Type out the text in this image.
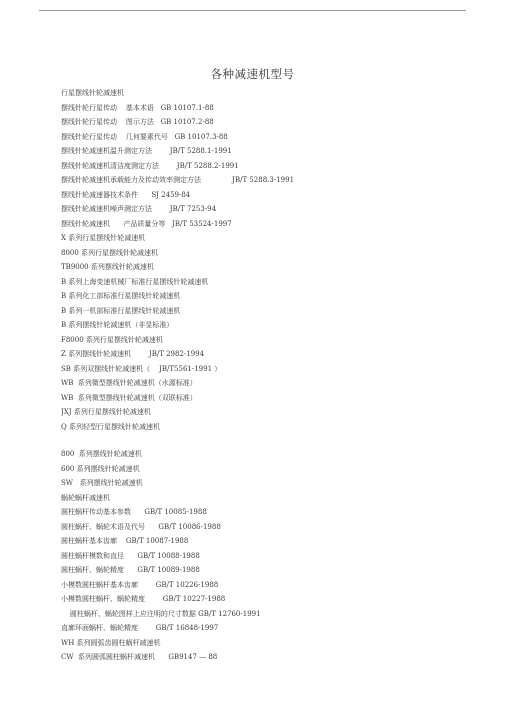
各种减速机型号
行星摆线针轮减速机
摆线针轮行星传动    基本术语   GB 10107.1-88
摆线针轮行星传动    图示方法   GB 10107.2-88
摆线针轮行星传动    几何要素代号   GB 10107.3-88
摆线针轮减速机温升测定方法        JB/T 5288.1-1991
摆线针轮减速机清洁度测定方法        JB/T 5288.2-1991
摆线针轮减速机承载能力及传动效率测定方法              JB/T 5288.3-1991
摆线针轮减速器技术条件      SJ 2459-84
摆线针轮减速机噪声测定方法        JB/T 7253-94
摆线针轮减速机      产品质量分等   JB/T 53524-1997
X 系列行星摆线针轮减速机
8000 系列行星摆线针轮减速机
TB9000 系列摆线针轮减速机
B 系列上海变速机械厂标准行星摆线针轮减速机
B 系列化工部标准行星摆线针轮减速机
B 系列一机部标准行星摆线针轮减速机
B 系列摆线针轮减速机（非显标准）
F8000 系列行星摆线针轮减速机
Z 系列摆线针轮减速机        JB/T 2982-1994
SB 系列双摆线针轮减速机（    JB/T5561-1991 ）
WB  系列微型摆线针轮减速机（水源标准）
WB  系列微型摆线针轮减速机（双联标准）
JXJ 系列行星摆线针轮减速机
Q 系列轻型行星摆线针轮减速机
800  系列摆线针轮减速机
600 系列摆线针轮减速机
SW   系列摆线针轮减速机
蜗轮蜗杆减速机
圆柱蜗杆传动基本参数      GB/T 10085-1988
圆柱蜗杆、蜗轮术语及代号      GB/T 10086-1988
圆柱蜗杆基本齿廓    GB/T 10087-1988
圆柱蜗杆模数和直径      GB/T 10088-1988
圆柱蜗杆、蜗轮精度      GB/T 10089-1988
小模数圆柱蜗杆基本齿廓        GB/T 10226-1988
小模数圆柱蜗杆、蜗轮精度        GB/T 10227-1988
圆柱蜗杆、蜗轮图样上应注明的尺寸数据 GB/T 12760-1991
直廓环面蜗杆、蜗轮精度        GB/T 16848-1997
WH 系列圆弧齿圆柱蜗杆减速机
CW  系列圆弧圆柱蜗杆减速机      GB9147 — 88
